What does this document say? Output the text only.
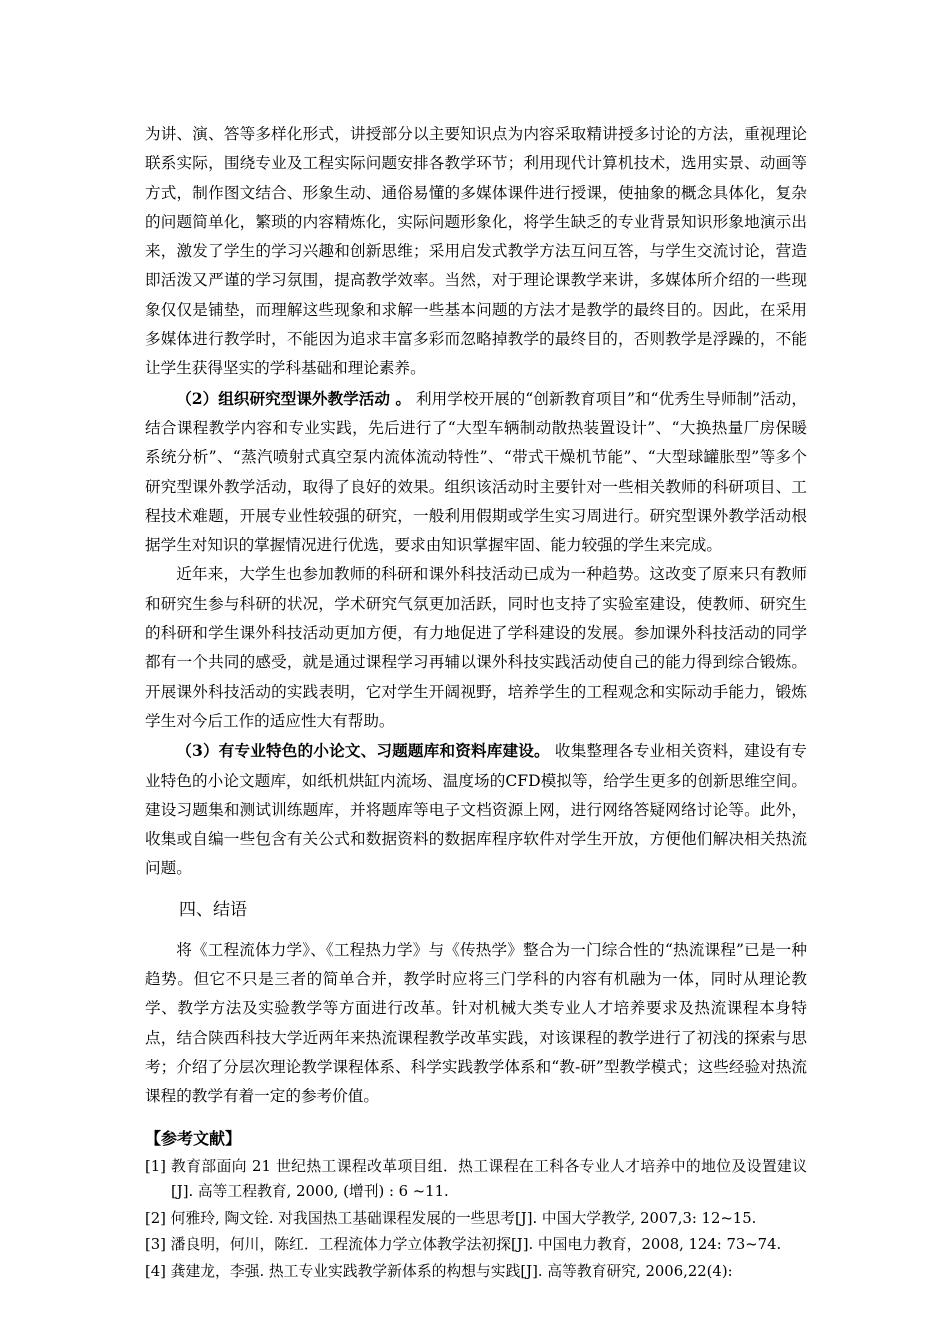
为讲、演、答等多样化形式，讲授部分以主要知识点为内容采取精讲授多讨论的方法，重视理论联系实际，围绕专业及工程实际问题安排各教学环节；利用现代计算机技术，选用实景、动画等方式，制作图文结合、形象生动、通俗易懂的多媒体课件进行授课，使抽象的概念具体化，复杂的问题简单化，繁琐的内容精炼化，实际问题形象化，将学生缺乏的专业背景知识形象地演示出来，激发了学生的学习兴趣和创新思维；采用启发式教学方法互问互答，与学生交流讨论，营造即活泼又严谨的学习氛围，提高教学效率。当然，对于理论课教学来讲，多媒体所介绍的一些现象仅仅是铺垫，而理解这些现象和求解一些基本问题的方法才是教学的最终目的。因此，在采用多媒体进行教学时，不能因为追求丰富多彩而忽略掉教学的最终目的，否则教学是浮躁的，不能让学生获得坚实的学科基础和理论素养。

（2）组织研究型课外教学活动 。 利用学校开展的“创新教育项目”和“优秀生导师制”活动，结合课程教学内容和专业实践，先后进行了“大型车辆制动散热装置设计”、“大换热量厂房保暖系统分析”、“蒸汽喷射式真空泵内流体流动特性”、“带式干燥机节能”、“大型球罐胀型”等多个研究型课外教学活动，取得了良好的效果。组织该活动时主要针对一些相关教师的科研项目、工程技术难题，开展专业性较强的研究，一般利用假期或学生实习周进行。研究型课外教学活动根据学生对知识的掌握情况进行优选，要求由知识掌握牢固、能力较强的学生来完成。

近年来，大学生也参加教师的科研和课外科技活动已成为一种趋势。这改变了原来只有教师和研究生参与科研的状况，学术研究气氛更加活跃，同时也支持了实验室建设，使教师、研究生的科研和学生课外科技活动更加方便，有力地促进了学科建设的发展。参加课外科技活动的同学都有一个共同的感受，就是通过课程学习再辅以课外科技实践活动使自己的能力得到综合锻炼。开展课外科技活动的实践表明，它对学生开阔视野，培养学生的工程观念和实际动手能力，锻炼学生对今后工作的适应性大有帮助。

（3）有专业特色的小论文、习题题库和资料库建设。 收集整理各专业相关资料，建设有专业特色的小论文题库，如纸机烘缸内流场、温度场的CFD模拟等，给学生更多的创新思维空间。建设习题集和测试训练题库，并将题库等电子文档资源上网，进行网络答疑网络讨论等。此外，收集或自编一些包含有关公式和数据资料的数据库程序软件对学生开放，方便他们解决相关热流问题。

四、结语

将《工程流体力学》、《工程热力学》与《传热学》整合为一门综合性的“热流课程”已是一种趋势。但它不只是三者的简单合并，教学时应将三门学科的内容有机融为一体，同时从理论教学、教学方法及实验教学等方面进行改革。针对机械大类专业人才培养要求及热流课程本身特点，结合陕西科技大学近两年来热流课程教学改革实践，对该课程的教学进行了初浅的探索与思考；介绍了分层次理论教学课程体系、科学实践教学体系和“教-研”型教学模式；这些经验对热流课程的教学有着一定的参考价值。

【参考文献】
[1] 教育部面向 21 世纪热工课程改革项目组．热工课程在工科各专业人才培养中的地位及设置建议[J]. 高等工程教育, 2000, (增刊) : 6 ~11.
[2] 何雅玲, 陶文铨. 对我国热工基础课程发展的一些思考[J]. 中国大学教学, 2007,3: 12~15.
[3] 潘良明，何川，陈红．工程流体力学立体教学法初探[J]. 中国电力教育，2008, 124: 73~74.
[4] 龚建龙，李强. 热工专业实践教学新体系的构想与实践[J]. 高等教育研究, 2006,22(4):
